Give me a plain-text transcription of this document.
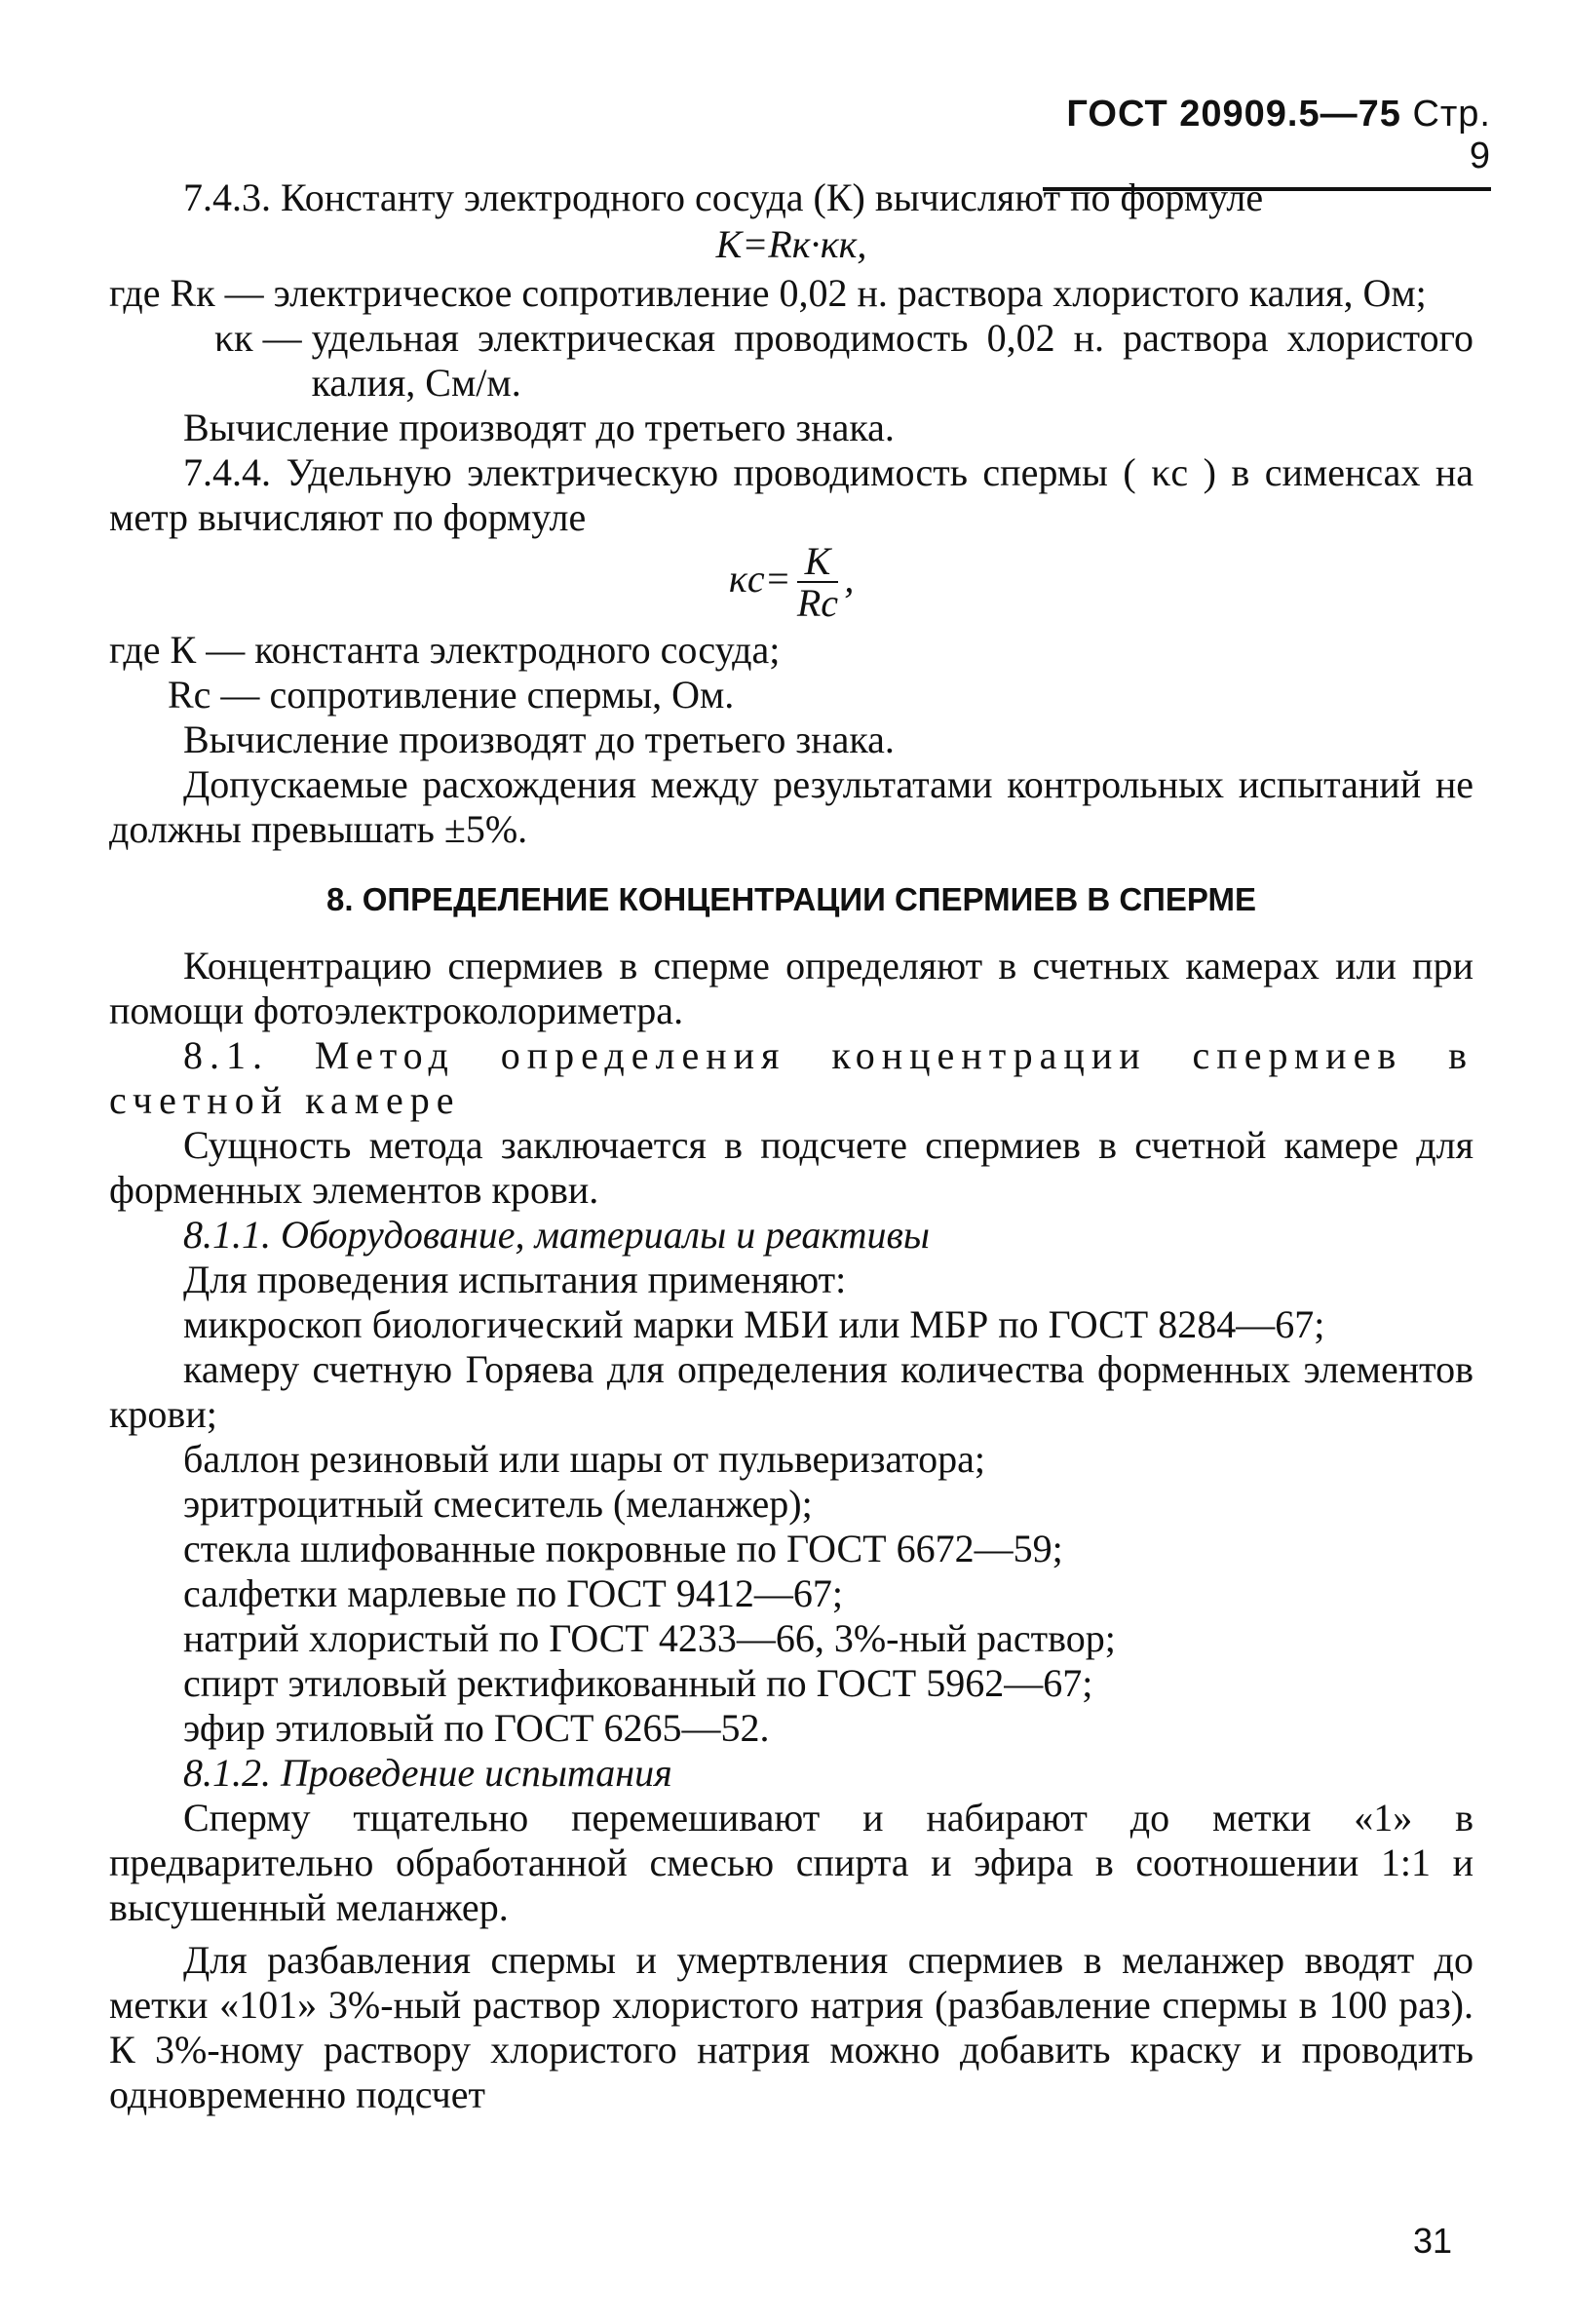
ГОСТ 20909.5—75 Стр. 9

7.4.3. Константу электродного сосуда (К) вычисляют по формуле

K=Rк·κк,

где Rк —
электрическое сопротивление 0,02 н. раствора хлористого калия, Ом;
κк —
удельная электрическая проводимость 0,02 н. раствора хлористого калия, См/м.

Вычисление производят до третьего знака.

7.4.4. Удельную электрическую проводимость спермы ( κс ) в сименсах на метр вычисляют по формуле

$\kappa с= \frac{K}{Rс}$ ,
где К —
константа электродного сосуда;
Rс —
сопротивление спермы, Ом.

Вычисление производят до третьего знака.

Допускаемые расхождения между результатами контрольных испытаний не должны превышать ±5%.

8. ОПРЕДЕЛЕНИЕ КОНЦЕНТРАЦИИ СПЕРМИЕВ В СПЕРМЕ

Концентрацию спермиев в сперме определяют в счетных камерах или при помощи фотоэлектроколориметра.

8.1. Метод определения концентрации спермиев в счетной камере

Сущность метода заключается в подсчете спермиев в счетной камере для форменных элементов крови.

8.1.1. Оборудование, материалы и реактивы

Для проведения испытания применяют:

микроскоп биологический марки МБИ или МБР по ГОСТ 8284—67;

камеру счетную Горяева для определения количества форменных элементов крови;

баллон резиновый или шары от пульверизатора;

эритроцитный смеситель (меланжер);

стекла шлифованные покровные по ГОСТ 6672—59;

салфетки марлевые по ГОСТ 9412—67;

натрий хлористый по ГОСТ 4233—66, 3%-ный раствор;

спирт этиловый ректификованный по ГОСТ 5962—67;

эфир этиловый по ГОСТ 6265—52.

8.1.2. Проведение испытания

Сперму тщательно перемешивают и набирают до метки «1» в предварительно обработанной смесью спирта и эфира в соотношении 1:1 и высушенный меланжер.

Для разбавления спермы и умертвления спермиев в меланжер вводят до метки «101» 3%-ный раствор хлористого натрия (разбавление спермы в 100 раз). К 3%-ному раствору хлористого натрия можно добавить краску и проводить одновременно подсчет

31
